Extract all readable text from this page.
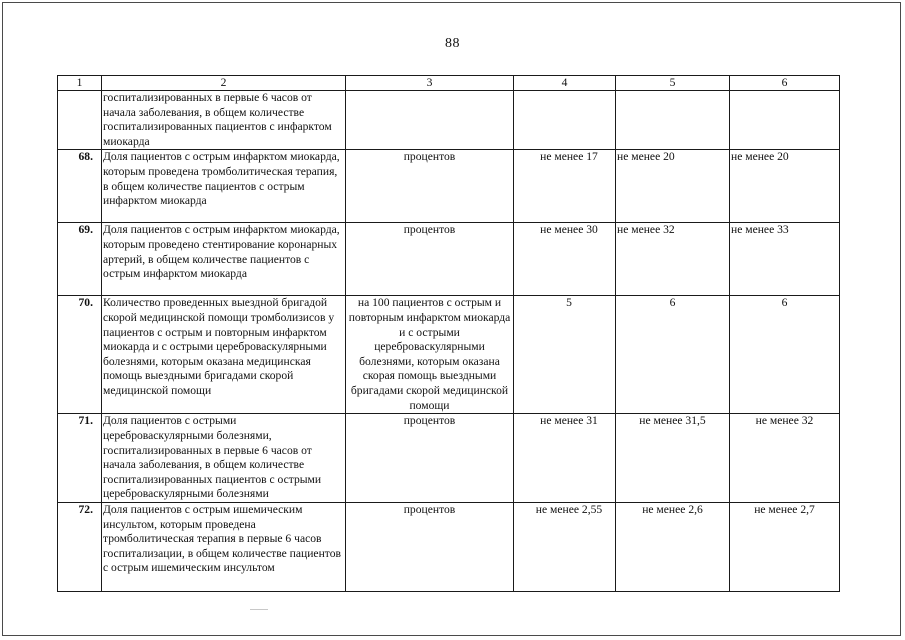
88
1	2	3	4	5	6
	госпитализированных в первые 6 часов от начала заболевания, в общем количестве госпитализированных пациентов с инфарктом миокарда				
68.	Доля пациентов с острым инфарктом миокарда, которым проведена тромболитическая терапия, в общем количестве пациентов с острым инфарктом миокарда	процентов	не менее 17	не менее 20	не менее 20
69.	Доля пациентов с острым инфарктом миокарда, которым проведено стентирование коронарных артерий, в общем количестве пациентов с острым инфарктом миокарда	процентов	не менее 30	не менее 32	не менее 33
70.	Количество проведенных выездной бригадой скорой медицинской помощи тромболизисов у пациентов с острым и повторным инфарктом миокарда и с острыми цереброваскулярными болезнями, которым оказана медицинская помощь выездными бригадами скорой медицинской помощи	на 100 пациентов с острым и повторным инфарктом миокарда и с острыми цереброваскулярными болезнями, которым оказана скорая помощь выездными бригадами скорой медицинской помощи	5	6	6
71.	Доля пациентов с острыми цереброваскулярными болезнями, госпитализированных в первые 6 часов от начала заболевания, в общем количестве госпитализированных пациентов с острыми цереброваскулярными болезнями	процентов	не менее 31	не менее 31,5	не менее 32
72.	Доля пациентов с острым ишемическим инсультом, которым проведена тромболитическая терапия в первые 6 часов госпитализации, в общем количестве пациентов с острым ишемическим инсультом	процентов	не менее 2,55	не менее 2,6	не менее 2,7
